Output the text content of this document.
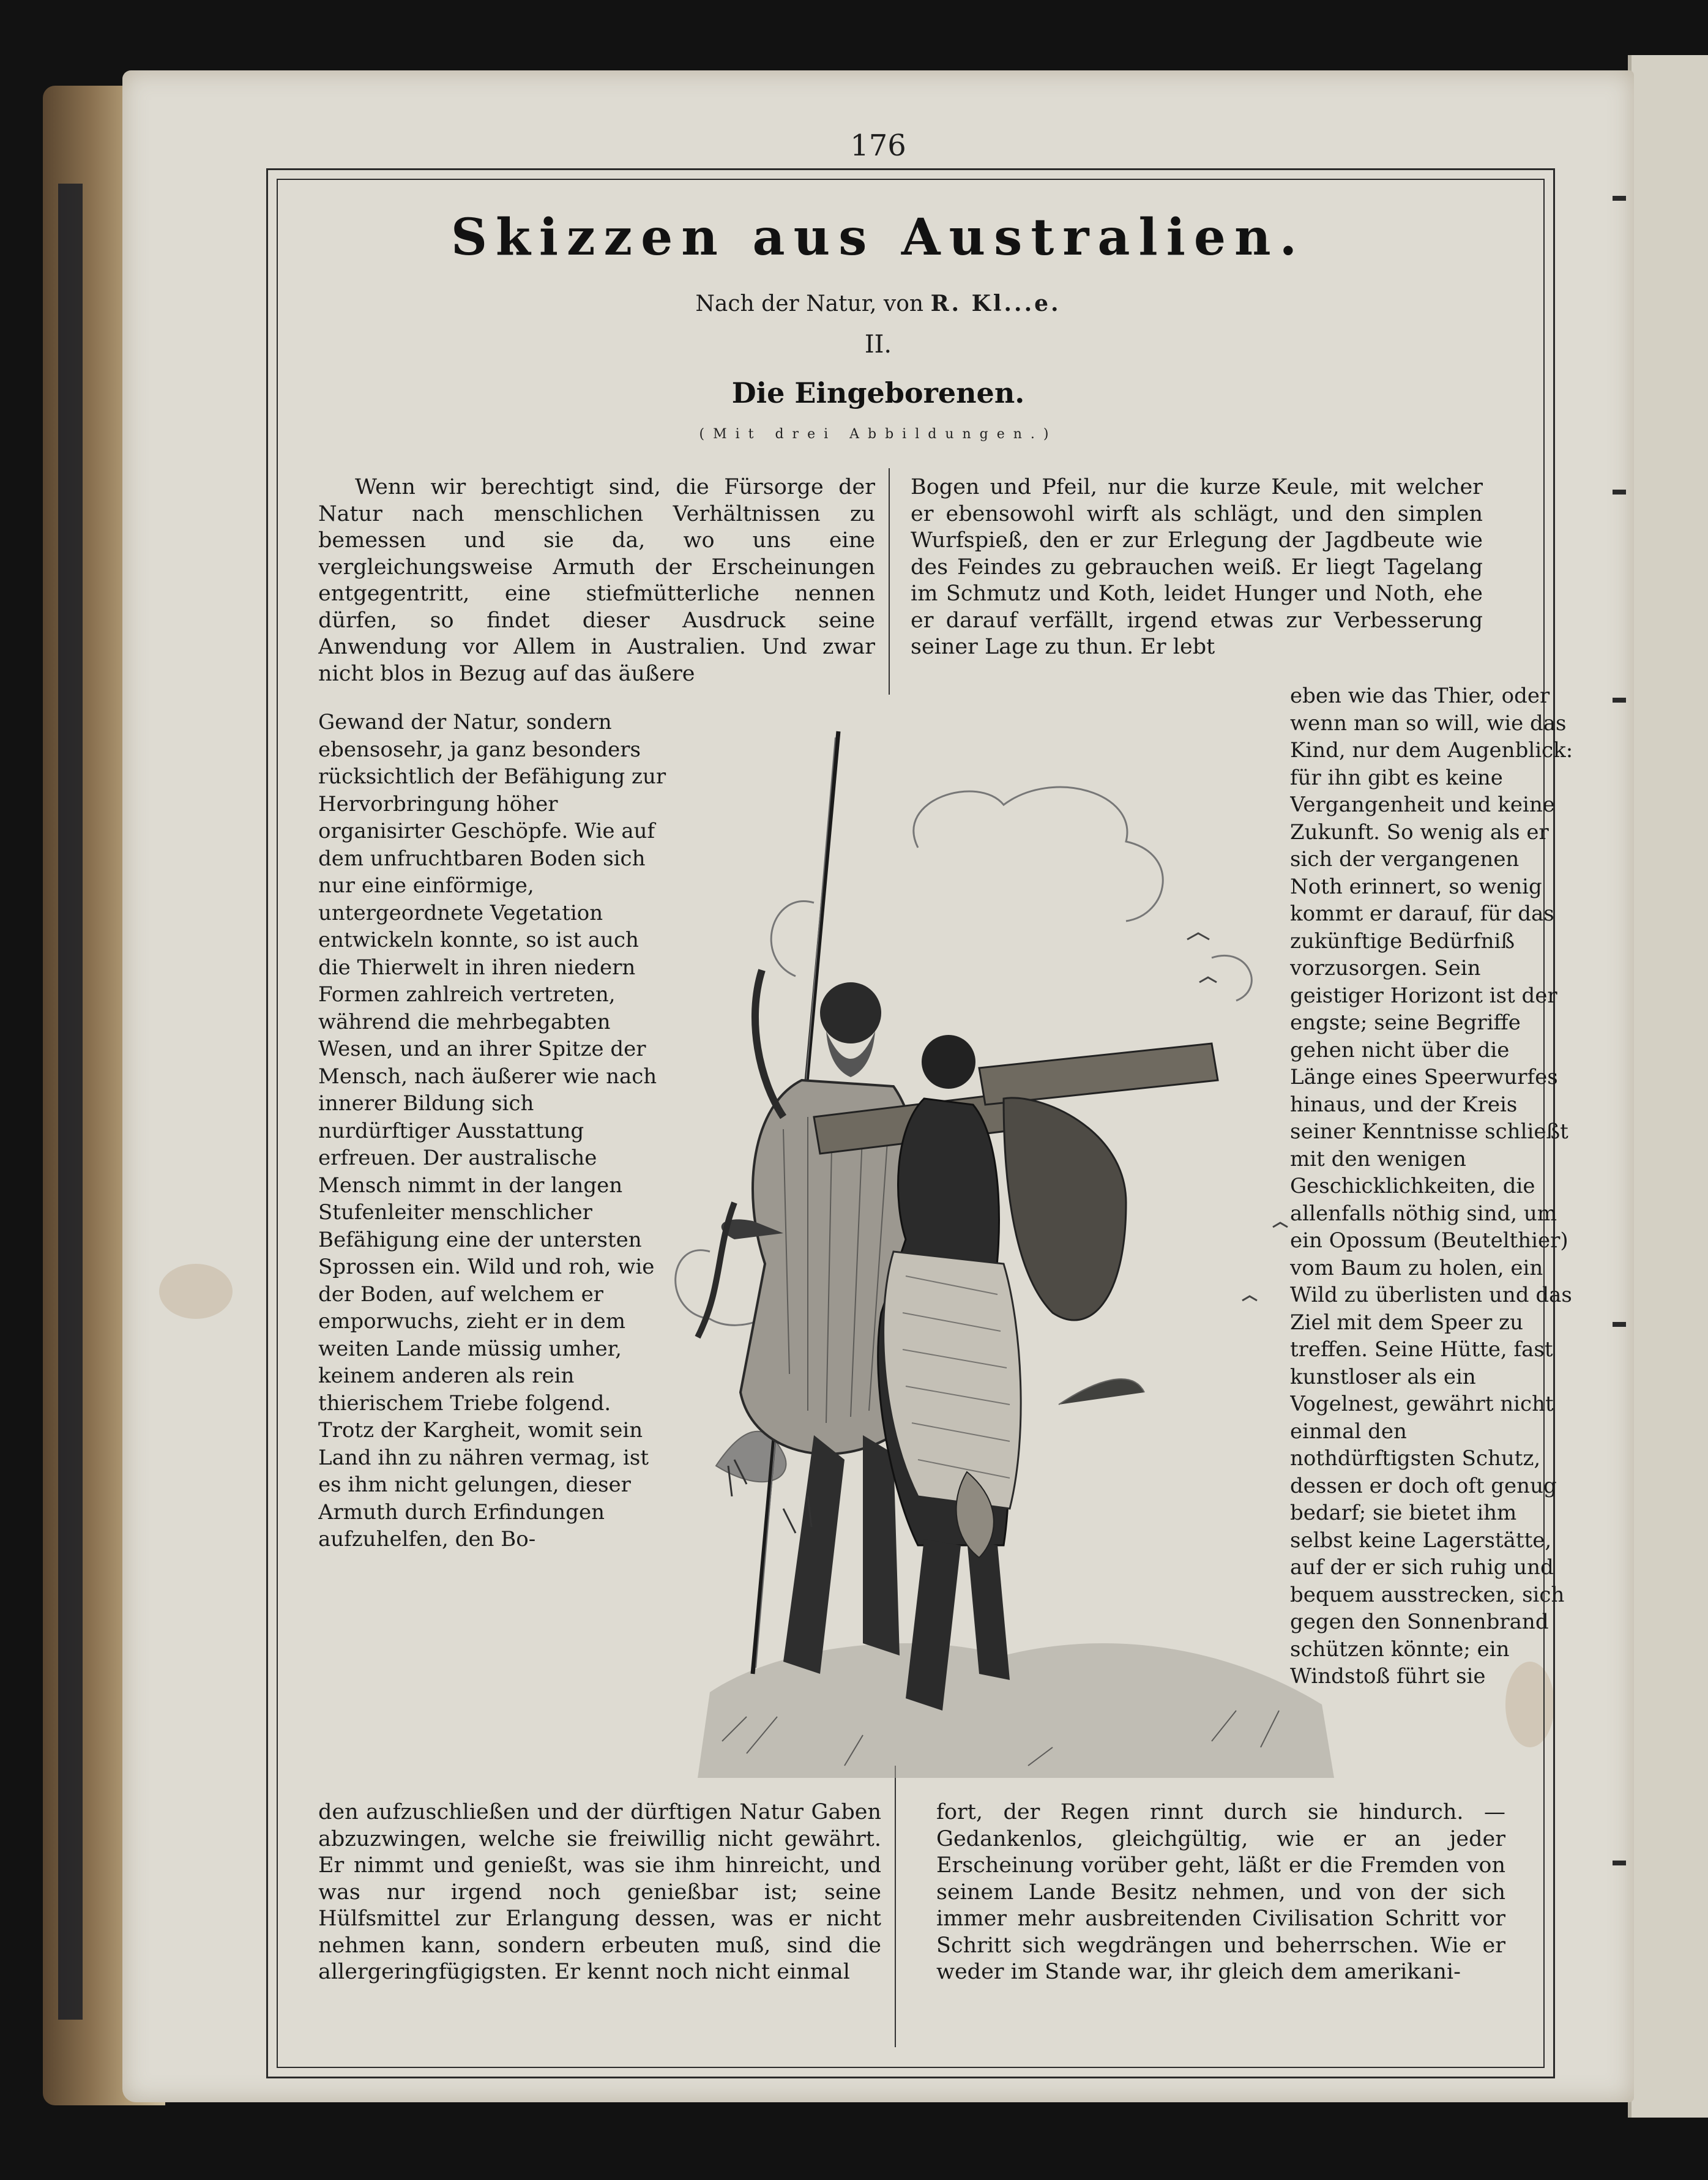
176
Skizzen aus Australien.
Nach der Natur, von R. Kl...e.
II.
Die Eingeborenen.
(Mit drei Abbildungen.)

Wenn wir berechtigt sind, die Fürsorge der Natur nach menschlichen Verhältnissen zu bemessen und sie da, wo uns eine vergleichungsweise Armuth der Erscheinungen entgegentritt, eine stiefmütterliche nennen dürfen, so findet dieser Ausdruck seine Anwendung vor Allem in Australien. Und zwar nicht blos in Bezug auf das äußere

Bogen und Pfeil, nur die kurze Keule, mit welcher er ebensowohl wirft als schlägt, und den simplen Wurfspieß, den er zur Erlegung der Jagdbeute wie des Feindes zu gebrauchen weiß. Er liegt Tagelang im Schmutz und Koth, leidet Hunger und Noth, ehe er darauf verfällt, irgend etwas zur Verbesserung seiner Lage zu thun. Er lebt

Gewand der Natur, sondern ebensosehr, ja ganz besonders rücksichtlich der Befähigung zur Hervorbringung höher organisirter Geschöpfe. Wie auf dem unfruchtbaren Boden sich nur eine einförmige, untergeordnete Vegetation entwickeln konnte, so ist auch die Thierwelt in ihren niedern Formen zahlreich vertreten, während die mehrbegabten Wesen, und an ihrer Spitze der Mensch, nach äußerer wie nach innerer Bildung sich nurdürftiger Ausstattung erfreuen. Der australische Mensch nimmt in der langen Stufenleiter menschlicher Befähigung eine der untersten Sprossen ein. Wild und roh, wie der Boden, auf welchem er emporwuchs, zieht er in dem weiten Lande müssig umher, keinem anderen als rein thierischem Triebe folgend. Trotz der Kargheit, womit sein Land ihn zu nähren vermag, ist es ihm nicht gelungen, dieser Armuth durch Erfindungen aufzuhelfen, den Bo-

eben wie das Thier, oder wenn man so will, wie das Kind, nur dem Augenblick: für ihn gibt es keine Vergangenheit und keine Zukunft. So wenig als er sich der vergangenen Noth erinnert, so wenig kommt er darauf, für das zukünftige Bedürfniß vorzusorgen. Sein geistiger Horizont ist der engste; seine Begriffe gehen nicht über die Länge eines Speerwurfes hinaus, und der Kreis seiner Kenntnisse schließt mit den wenigen Geschicklichkeiten, die allenfalls nöthig sind, um ein Opossum (Beutelthier) vom Baum zu holen, ein Wild zu überlisten und das Ziel mit dem Speer zu treffen. Seine Hütte, fast kunstloser als ein Vogelnest, gewährt nicht einmal den nothdürftigsten Schutz, dessen er doch oft genug bedarf; sie bietet ihm selbst keine Lagerstätte, auf der er sich ruhig und bequem ausstrecken, sich gegen den Sonnenbrand schützen könnte; ein Windstoß führt sie

den aufzuschließen und der dürftigen Natur Gaben abzuzwingen, welche sie freiwillig nicht gewährt. Er nimmt und genießt, was sie ihm hinreicht, und was nur irgend noch genießbar ist; seine Hülfsmittel zur Erlangung dessen, was er nicht nehmen kann, sondern erbeuten muß, sind die allergeringfügigsten. Er kennt noch nicht einmal

fort, der Regen rinnt durch sie hindurch. — Gedankenlos, gleichgültig, wie er an jeder Erscheinung vorüber geht, läßt er die Fremden von seinem Lande Besitz nehmen, und von der sich immer mehr ausbreitenden Civilisation Schritt vor Schritt sich wegdrängen und beherrschen. Wie er weder im Stande war, ihr gleich dem amerikani-
